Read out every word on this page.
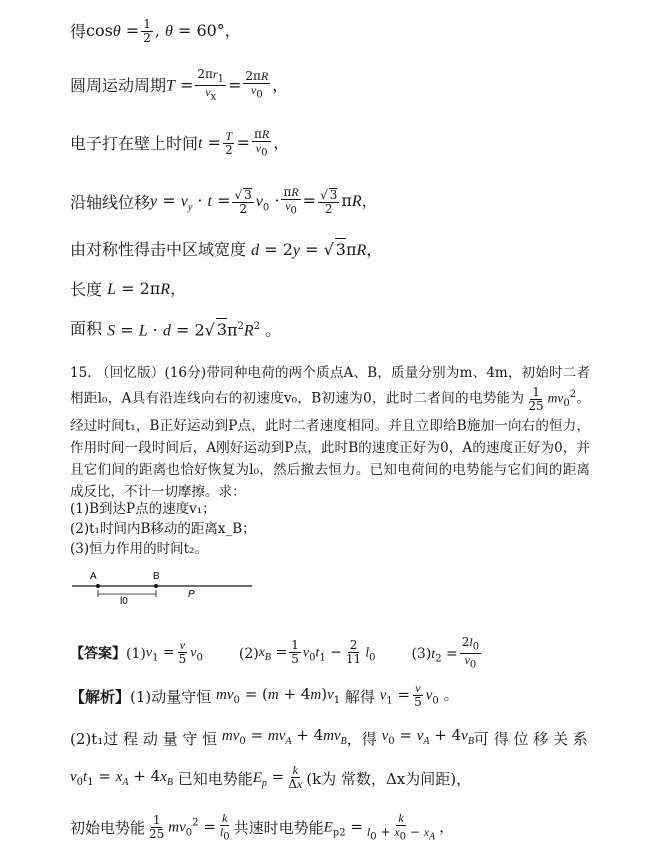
得 $\cos\theta = \frac{1}{2}$ , θ = 60°，
圆周运动周期 $T = \frac{2\pi r_1}{v_x} = \frac{2\pi R}{v_0}$ ，
电子打在壁上时间 $t = \frac{T}{2} = \frac{\pi R}{v_0}$ ，
沿轴线位移 $y = v_y \cdot t = \frac{√ 3}{2} v_0 \cdot \frac{\pi R}{v_0} = \frac{√ 3}{2}$ πR，
由对称性得击中区域宽度 d = 2y = √ 3πR，
长度 L = 2πR，
面积 S = L · d = 2√ $3\pi^2R^2$ 。
15. （回忆版）(16分)带同种电荷的两个质点A、B，质量分别为m、4m，初始时二者相距l₀，A具有沿连线向右的初速度v₀，B初速为0，此时二者间的电势能为 $\frac{1}{25} mv_0^2$。经过时间t₁，B正好运动到P点，此时二者速度相同。并且立即给B施加一向右的恒力，作用时间一段时间后，A刚好运动到P点，此时B的速度正好为0，A的速度正好为0，并且它们间的距离也恰好恢复为l₀，然后撤去恒力。已知电荷间的电势能与它们间的距离成反比，不计一切摩擦。求：
(1)B到达P点的速度v₁；
(2)t₁时间内B移动的距离x_B；
(3)恒力作用的时间t₂。
A	B
l0
P
【答案】 (1) $v_1 = \frac{v}{5} v_0$	(2) $x_B = \frac{1}{5} v_0t_1 - \frac{2}{11} l_0$	(3) $t_2 = \frac{2l_0}{v_0}$
【解析】 (1)动量守恒 $mv_0 = (m + 4m)v_1$ 解得 $v_1 = \frac{v}{5} v_0$ 。
(2)t₁过 程 动 量 守 恒 $mv_0 = mv_A + 4mv_B$ ，得 $v_0 = v_A + 4v_B$ 可 得 位 移 关 系
$v_0t_1 = x_A + 4x_B$ 已知电势能 $E_p = \frac{k}{\Delta x} (k$为 常数，Δx为间距)，
初始电势能 $\frac{1}{25} mv_0^2 = \frac{k}{l_0}$ 共速时电势能 $E_{p2} = \frac{k}{l_0 + x_0 - x_A}$ ，
